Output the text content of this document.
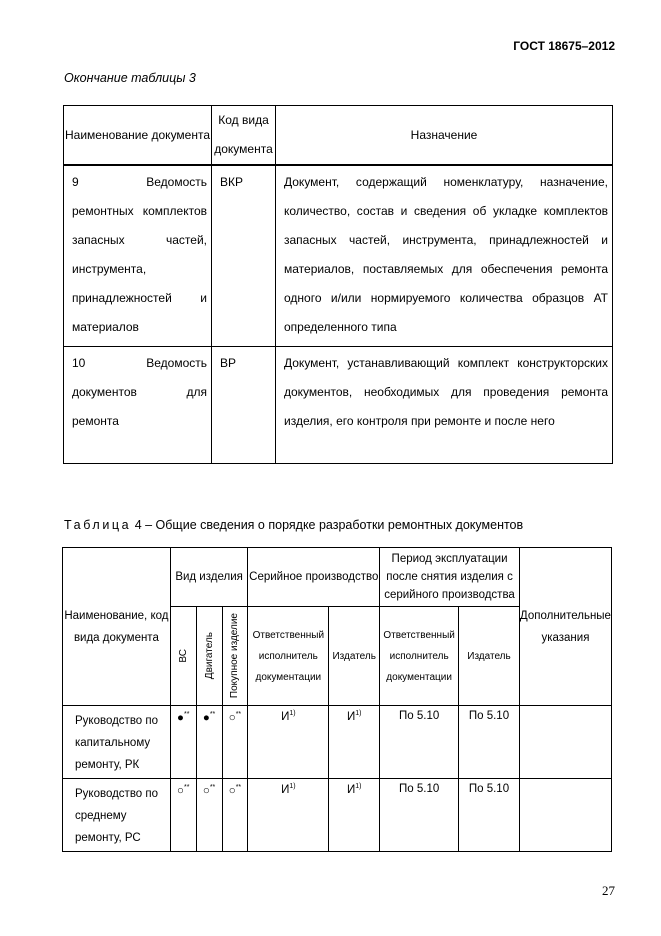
ГОСТ 18675–2012
Окончание таблицы 3
Наименование документа	Код вида документа	Назначение
9 Ведомость ремонтных комплектов запасных частей, инструмента, принадлежностей и материалов	ВКР	Документ, содержащий номенклатуру, назначение, количество, состав и сведения об укладке комплектов запасных частей, инструмента, принадлежностей и материалов, поставляемых для обеспечения ремонта одного и/или нормируемого количества образцов АТ определенного типа
10 Ведомость документов для ремонта	ВР	Документ, устанавливающий комплект конструкторских документов, необходимых для проведения ремонта изделия, его контроля при ремонте и после него
Таблица 4 – Общие сведения о порядке разработки ремонтных документов
Наименование, код вида документа	Вид изделия			Серийное производство		Период эксплуатации после снятия изделия с серийного производства		Дополнительные указания

	ВС	Двигатель	Покупное изделие	Ответственный исполнитель документации	Издатель	Ответственный исполнитель документации	Издатель	
Руководство по капитальному ремонту, РК	●**	●**	○**	$И^{1)}$	$И^{1)}$	По 5.10	По 5.10	
Руководство по среднему ремонту, РС	○**	○**	○**	$И^{1)}$	$И^{1)}$	По 5.10	По 5.10	
27
